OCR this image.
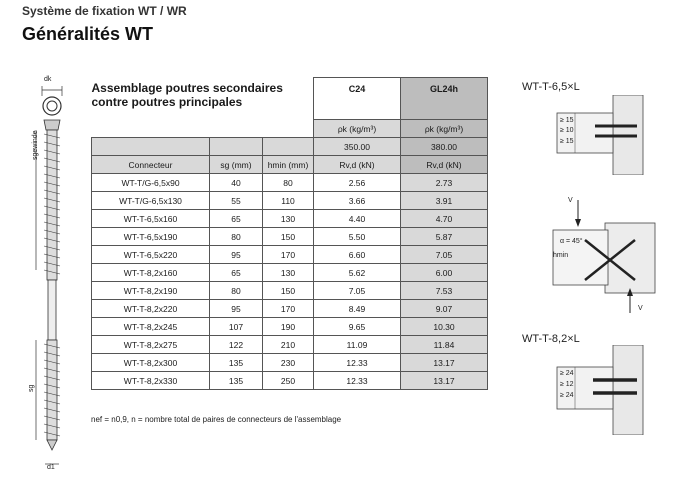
Système de fixation WT / WR
Généralités WT
dk
sgewinde
sg
d1
Assemblage poutres secondaires
contre poutres principales			C24	GL24h
			ρk (kg/m³)	ρk (kg/m³)
			350.00	380.00
Connecteur	sg (mm)	hmin (mm)	Rv,d (kN)	Rv,d (kN)
WT-T/G-6,5x90	40	80	2.56	2.73
WT-T/G-6,5x130	55	110	3.66	3.91
WT-T-6,5x160	65	130	4.40	4.70
WT-T-6,5x190	80	150	5.50	5.87
WT-T-6,5x220	95	170	6.60	7.05
WT-T-8,2x160	65	130	5.62	6.00
WT-T-8,2x190	80	150	7.05	7.53
WT-T-8,2x220	95	170	8.49	9.07
WT-T-8,2x245	107	190	9.65	10.30
WT-T-8,2x275	122	210	11.09	11.84
WT-T-8,2x300	135	230	12.33	13.17
WT-T-8,2x330	135	250	12.33	13.17
nef = n0,9, n = nombre total de paires de connecteurs de l'assemblage
WT-T-6,5×L
≥ 15
≥ 10
≥ 15
V
α = 45°
hmin
V
WT-T-8,2×L
≥ 24
≥ 12
≥ 24
